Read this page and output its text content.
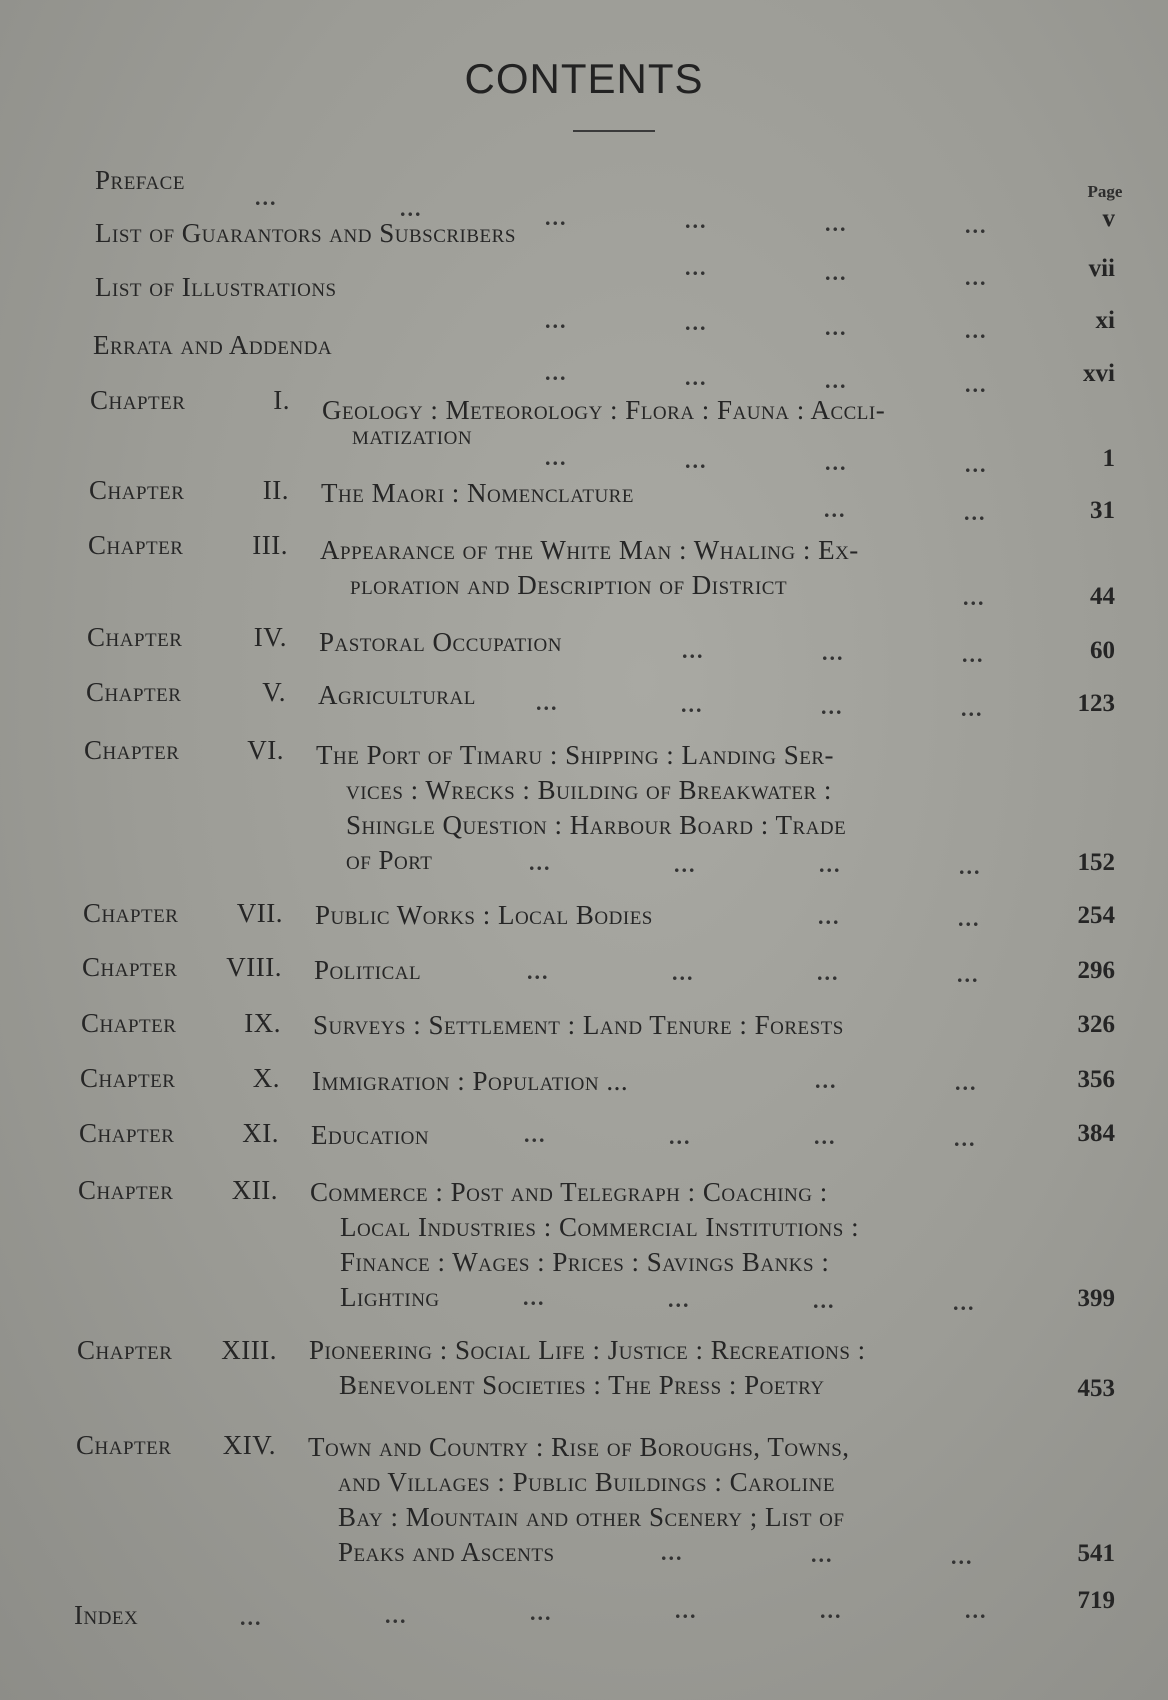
CONTENTS
Page
Preface
...	...	...	...	...	...	v
List of Guarantors and Subscribers
...	...	...	vii
List of Illustrations
...	...	...	...	xi
Errata and Addenda
...	...	...	...	xvi
Chapter	I. Geology : Meteorology : Flora : Fauna : Accli-
matization
...	...	...	...	1
Chapter	II. The Maori : Nomenclature
...	...	31
Chapter	III. Appearance of the White Man : Whaling : Ex-
ploration and Description of District	...	44
Chapter	IV. Pastoral Occupation	...	...	...	60
Chapter	V. Agricultural	...	...	...	...	123
Chapter	VI. The Port of Timaru : Shipping : Landing Ser-
vices : Wrecks : Building of Breakwater :
Shingle Question : Harbour Board : Trade
of Port	...	...	...	...	152
Chapter	VII. Public Works : Local Bodies	...	...	254
Chapter	VIII. Political	...	...	...	...	296
Chapter	IX. Surveys : Settlement : Land Tenure : Forests	326
Chapter	X. Immigration : Population ...	...	...	356
Chapter	XI. Education	...	...	...	...	384
Chapter	XII. Commerce : Post and Telegraph : Coaching :
Local Industries : Commercial Institutions :
Finance : Wages : Prices : Savings Banks :
Lighting	...	...	...	...	399
Chapter	XIII. Pioneering : Social Life : Justice : Recreations :
Benevolent Societies : The Press : Poetry	453
Chapter	XIV. Town and Country : Rise of Boroughs, Towns,
and Villages : Public Buildings : Caroline
Bay : Mountain and other Scenery ; List of
Peaks and Ascents	...	...	...	541
Index	...	...	...	...	...	...	719
